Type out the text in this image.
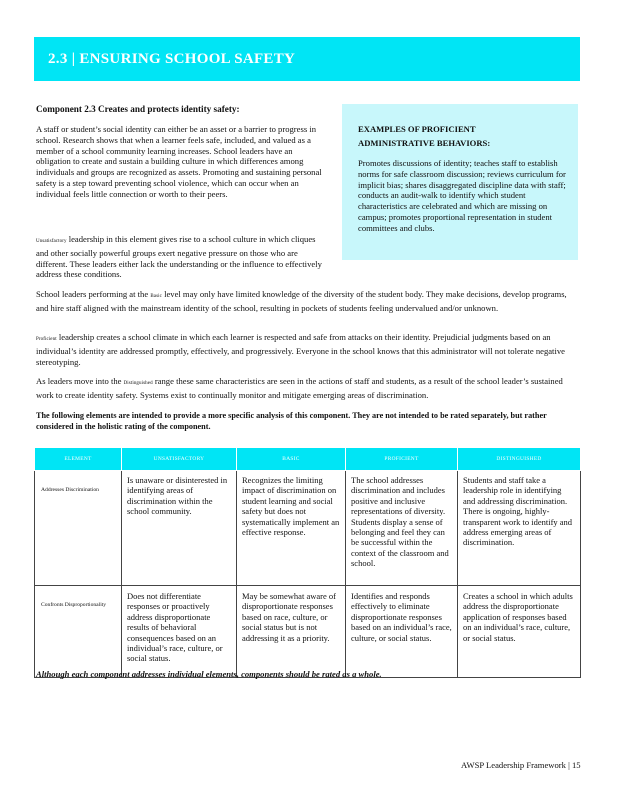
2.3 | ENSURING SCHOOL SAFETY
Component 2.3 Creates and protects identity safety:

A staff or student’s social identity can either be an asset or a barrier to progress in school. Research shows that when a learner feels safe, included, and valued as a member of a school community learning increases. School leaders have an obligation to create and sustain a building culture in which differences among individuals and groups are recognized as assets. Promoting and sustaining personal safety is a step toward preventing school violence, which can occur when an individual feels little connection or worth to their peers.

Unsatisfactory leadership in this element gives rise to a school culture in which cliques and other socially powerful groups exert negative pressure on those who are different. These leaders either lack the understanding or the influence to effectively address these conditions.

EXAMPLES OF PROFICIENT
ADMINISTRATIVE BEHAVIORS:

Promotes discussions of identity; teaches staff to establish norms for safe classroom discussion; reviews curriculum for implicit bias; shares disaggregated discipline data with staff; conducts an audit-walk to identify which student characteristics are celebrated and which are missing on campus; promotes proportional representation in student committees and clubs.

School leaders performing at the Basic level may only have limited knowledge of the diversity of the student body. They make decisions, develop programs, and hire staff aligned with the mainstream identity of the school, resulting in pockets of students feeling undervalued and/or unknown.

Proficient leadership creates a school climate in which each learner is respected and safe from attacks on their identity. Prejudicial judgments based on an individual’s identity are addressed promptly, effectively, and progressively. Everyone in the school knows that this administrator will not tolerate negative stereotyping.

As leaders move into the Distinguished range these same characteristics are seen in the actions of staff and students, as a result of the school leader’s sustained work to create identity safety. Systems exist to continually monitor and mitigate emerging areas of discrimination.

The following elements are intended to provide a more specific analysis of this component. They are not intended to be rated separately, but rather considered in the holistic rating of the component.

ELEMENT	UNSATISFACTORY	BASIC	PROFICIENT	DISTINGUISHED
Addresses Discrimination	Is unaware or disinterested in identifying areas of discrimination within the school community.	Recognizes the limiting impact of discrimination on student learning and social safety but does not systematically implement an effective response.	The school addresses discrimination and includes positive and inclusive representations of diversity. Students display a sense of belonging and feel they can be successful within the context of the classroom and school.	Students and staff take a leadership role in identifying and addressing discrimination. There is ongoing, highly-transparent work to identify and address emerging areas of discrimination.
Confronts Disproportionality	Does not differentiate responses or proactively address disproportionate results of behavioral consequences based on an individual’s race, culture, or social status.	May be somewhat aware of disproportionate responses based on race, culture, or social status but is not addressing it as a priority.	Identifies and responds effectively to eliminate disproportionate responses based on an individual’s race, culture, or social status.	Creates a school in which adults address the disproportionate application of responses based on an individual’s race, culture, or social status.
Although each component addresses individual elements, components should be rated as a whole.
AWSP Leadership Framework | 15
